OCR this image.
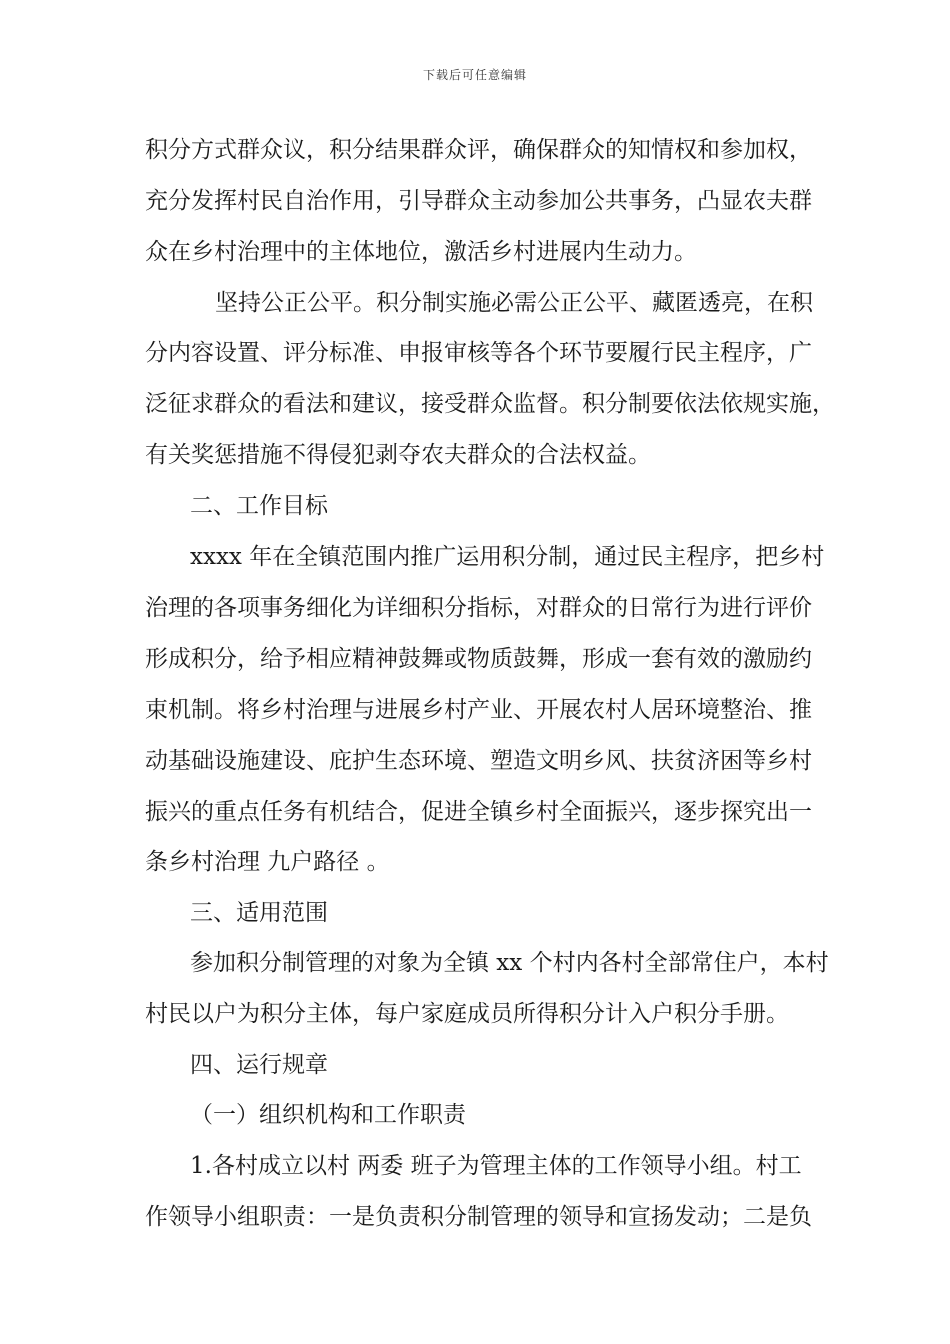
下载后可任意编辑
积分方式群众议，积分结果群众评，确保群众的知情权和参加权，
充分发挥村民自治作用，引导群众主动参加公共事务，凸显农夫群
众在乡村治理中的主体地位，激活乡村进展内生动力。
坚持公正公平。积分制实施必需公正公平、藏匿透亮，在积
分内容设置、评分标准、申报审核等各个环节要履行民主程序，广
泛征求群众的看法和建议，接受群众监督。积分制要依法依规实施，
有关奖惩措施不得侵犯剥夺农夫群众的合法权益。
二、工作目标
xxxx 年在全镇范围内推广运用积分制，通过民主程序，把乡村
治理的各项事务细化为详细积分指标，对群众的日常行为进行评价
形成积分，给予相应精神鼓舞或物质鼓舞，形成一套有效的激励约
束机制。将乡村治理与进展乡村产业、开展农村人居环境整治、推
动基础设施建设、庇护生态环境、塑造文明乡风、扶贫济困等乡村
振兴的重点任务有机结合，促进全镇乡村全面振兴，逐步探究出一
条乡村治理 九户路径 。
三、适用范围
参加积分制管理的对象为全镇 xx 个村内各村全部常住户，本村
村民以户为积分主体，每户家庭成员所得积分计入户积分手册。
四、运行规章
（一）组织机构和工作职责
1.各村成立以村 两委 班子为管理主体的工作领导小组。村工
作领导小组职责：一是负责积分制管理的领导和宣扬发动；二是负
